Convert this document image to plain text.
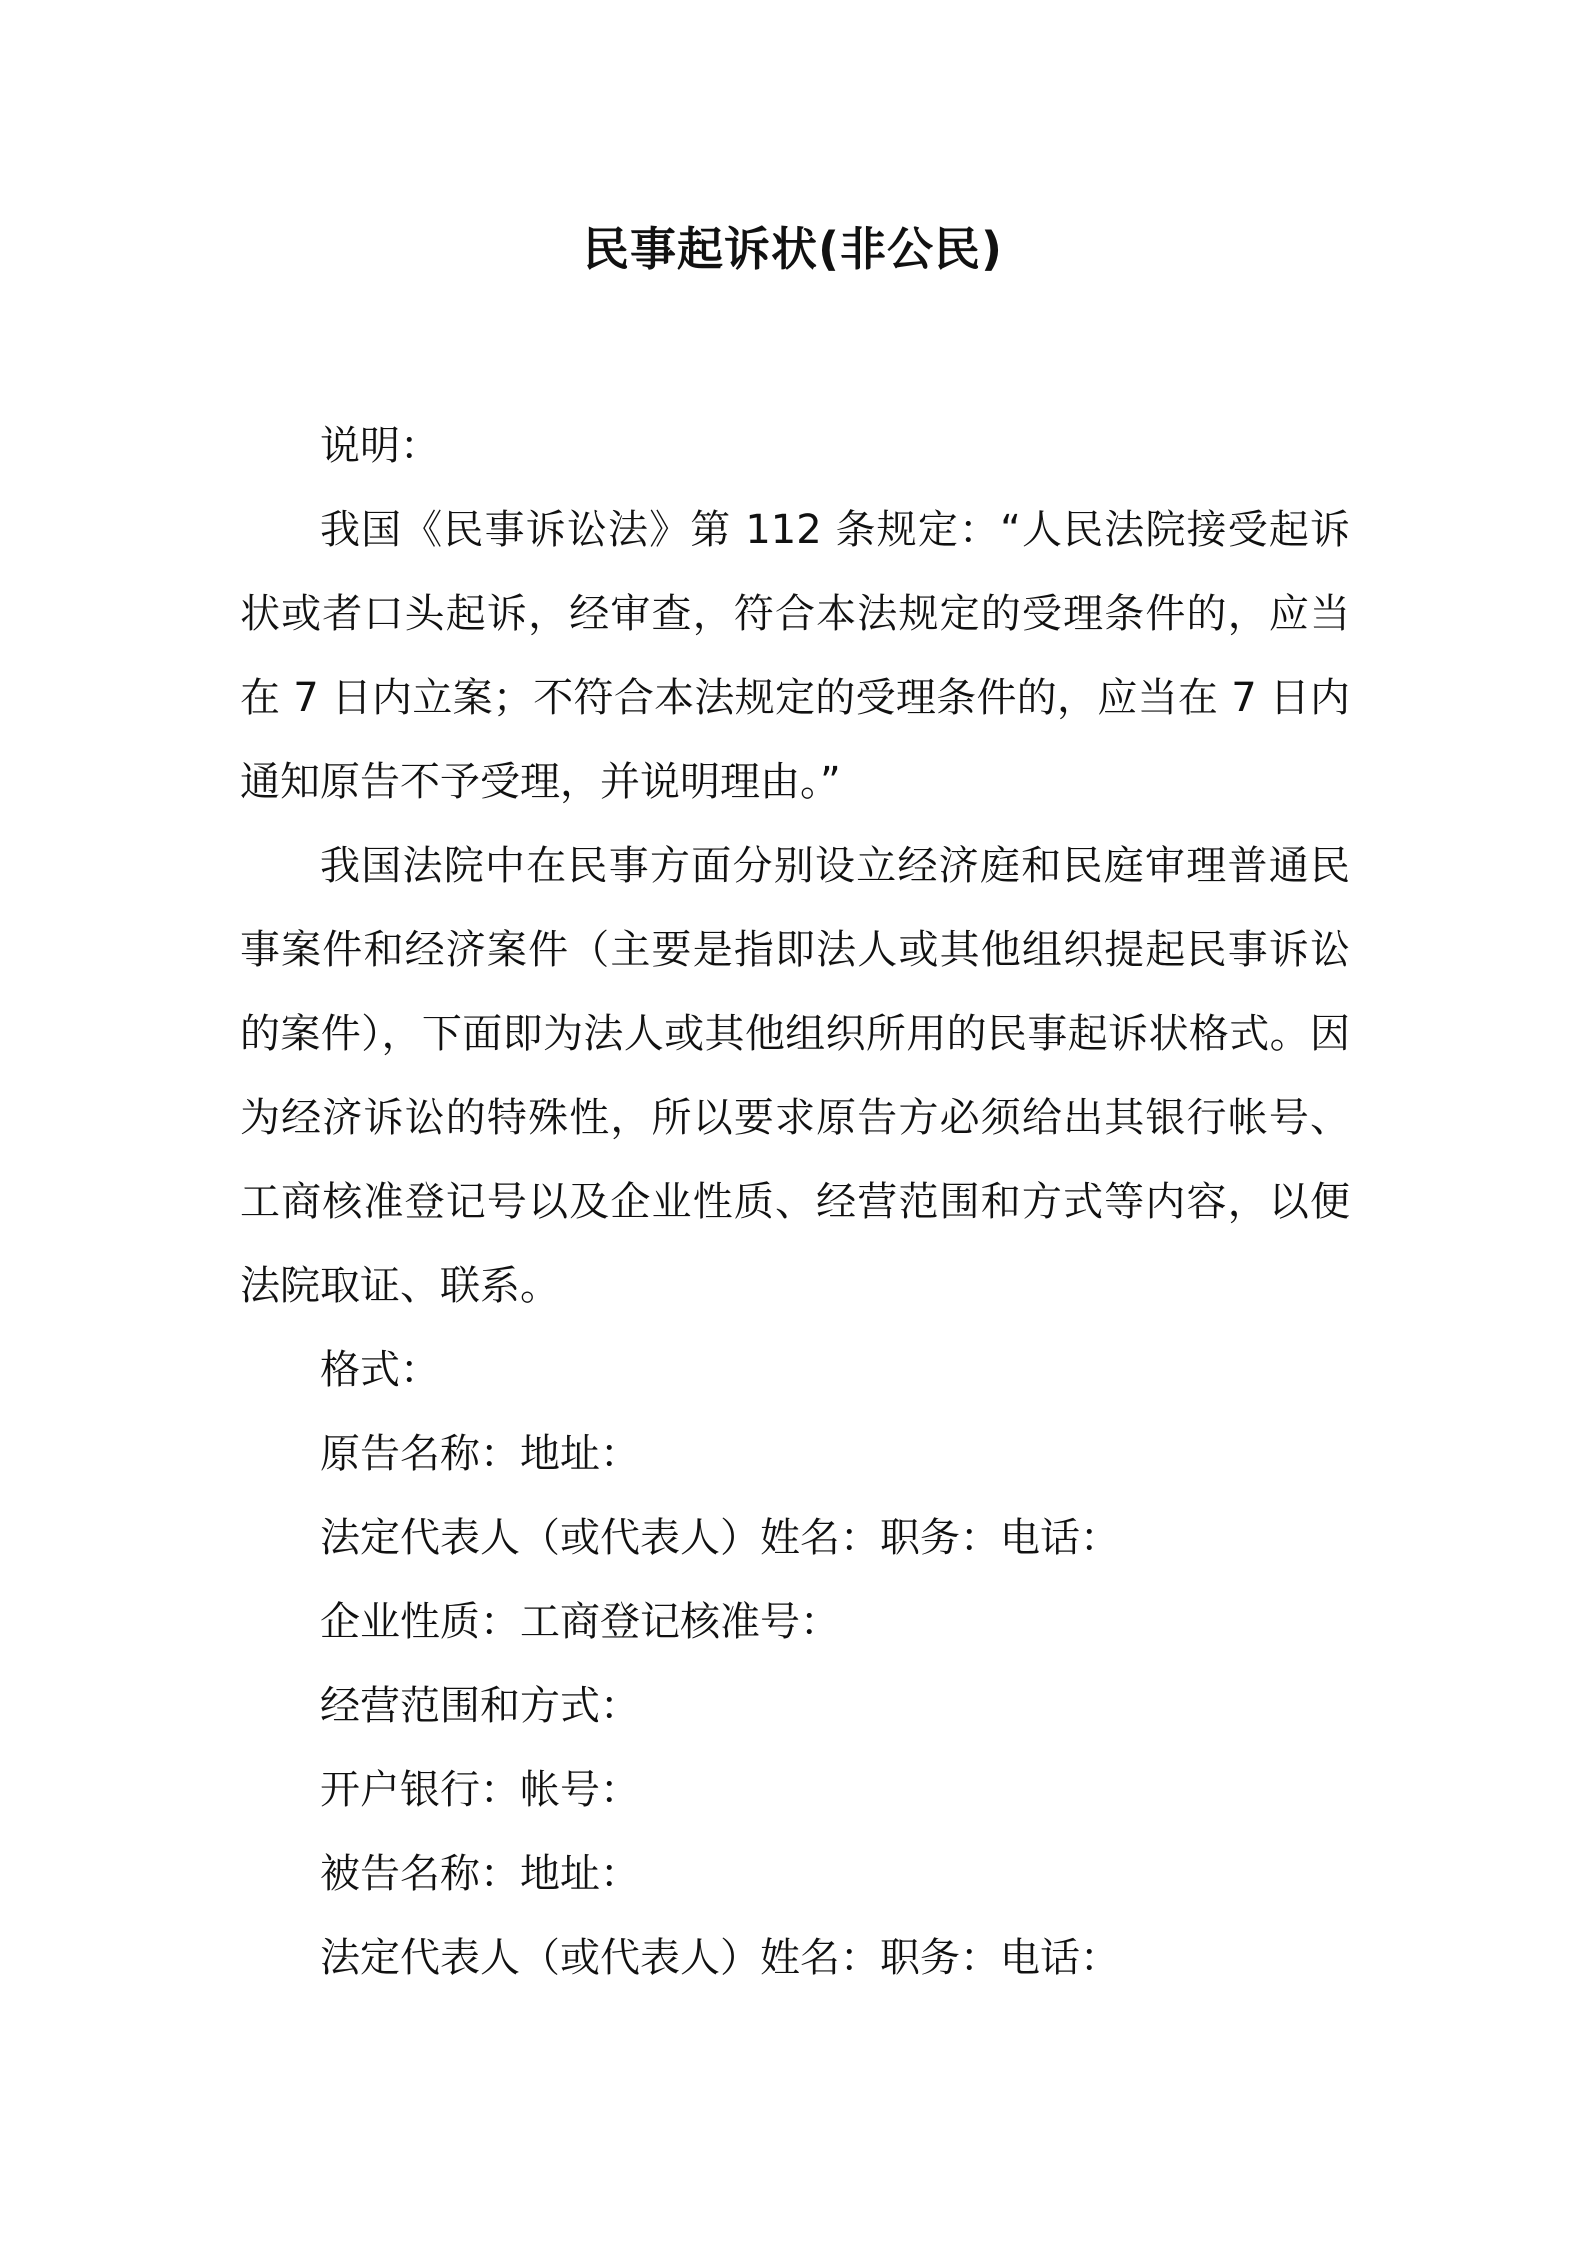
民事起诉状(非公民)

说明：

我国《民事诉讼法》第 112 条规定：“人民法院接受起诉状或者口头起诉，经审查，符合本法规定的受理条件的，应当在 7 日内立案；不符合本法规定的受理条件的，应当在 7 日内通知原告不予受理，并说明理由。”

我国法院中在民事方面分别设立经济庭和民庭审理普通民事案件和经济案件（主要是指即法人或其他组织提起民事诉讼的案件），下面即为法人或其他组织所用的民事起诉状格式。因为经济诉讼的特殊性，所以要求原告方必须给出其银行帐号、工商核准登记号以及企业性质、经营范围和方式等内容，以便法院取证、联系。

格式：

原告名称：地址：

法定代表人（或代表人）姓名：职务：电话：

企业性质：工商登记核准号：

经营范围和方式：

开户银行：帐号：

被告名称：地址：

法定代表人（或代表人）姓名：职务：电话：
